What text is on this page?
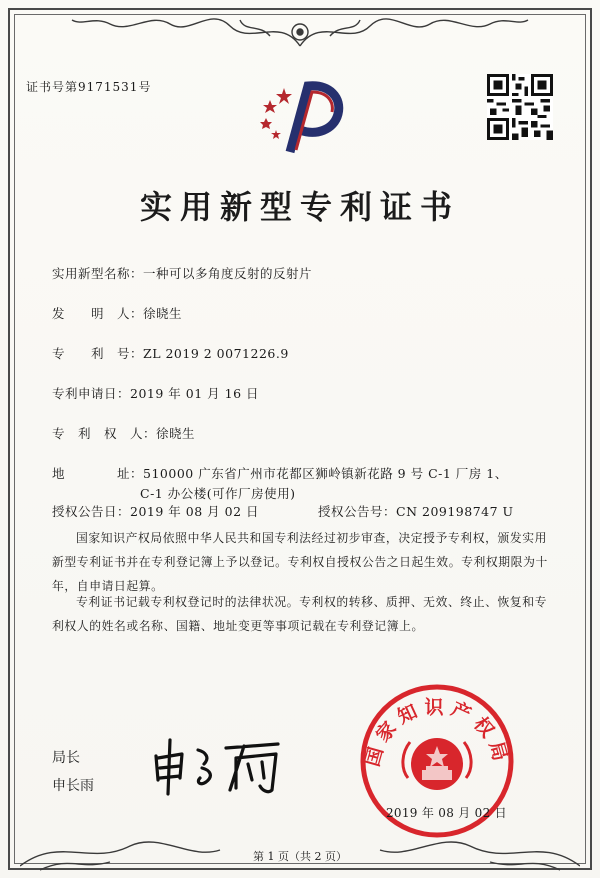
证书号第9171531号
实用新型专利证书
实用新型名称：一种可以多角度反射的反射片
发　　明　人：徐晓生
专　　利　号：ZL 2019 2 0071226.9
专利申请日：2019 年 01 月 16 日
专　利　权　人：徐晓生
地　　　　址：510000 广东省广州市花都区狮岭镇新花路 9 号 C-1 厂房 1、
C-1 办公楼(可作厂房使用)
授权公告日：2019 年 08 月 02 日	授权公告号：CN 209198747 U
国家知识产权局依照中华人民共和国专利法经过初步审查，决定授予专利权，颁发实用新型专利证书并在专利登记簿上予以登记。专利权自授权公告之日起生效。专利权期限为十年，自申请日起算。
专利证书记载专利权登记时的法律状况。专利权的转移、质押、无效、终止、恢复和专利权人的姓名或名称、国籍、地址变更等事项记载在专利登记簿上。
局长
申长雨
国家知识产权局
2019 年 08 月 02 日
第 1 页（共 2 页）
